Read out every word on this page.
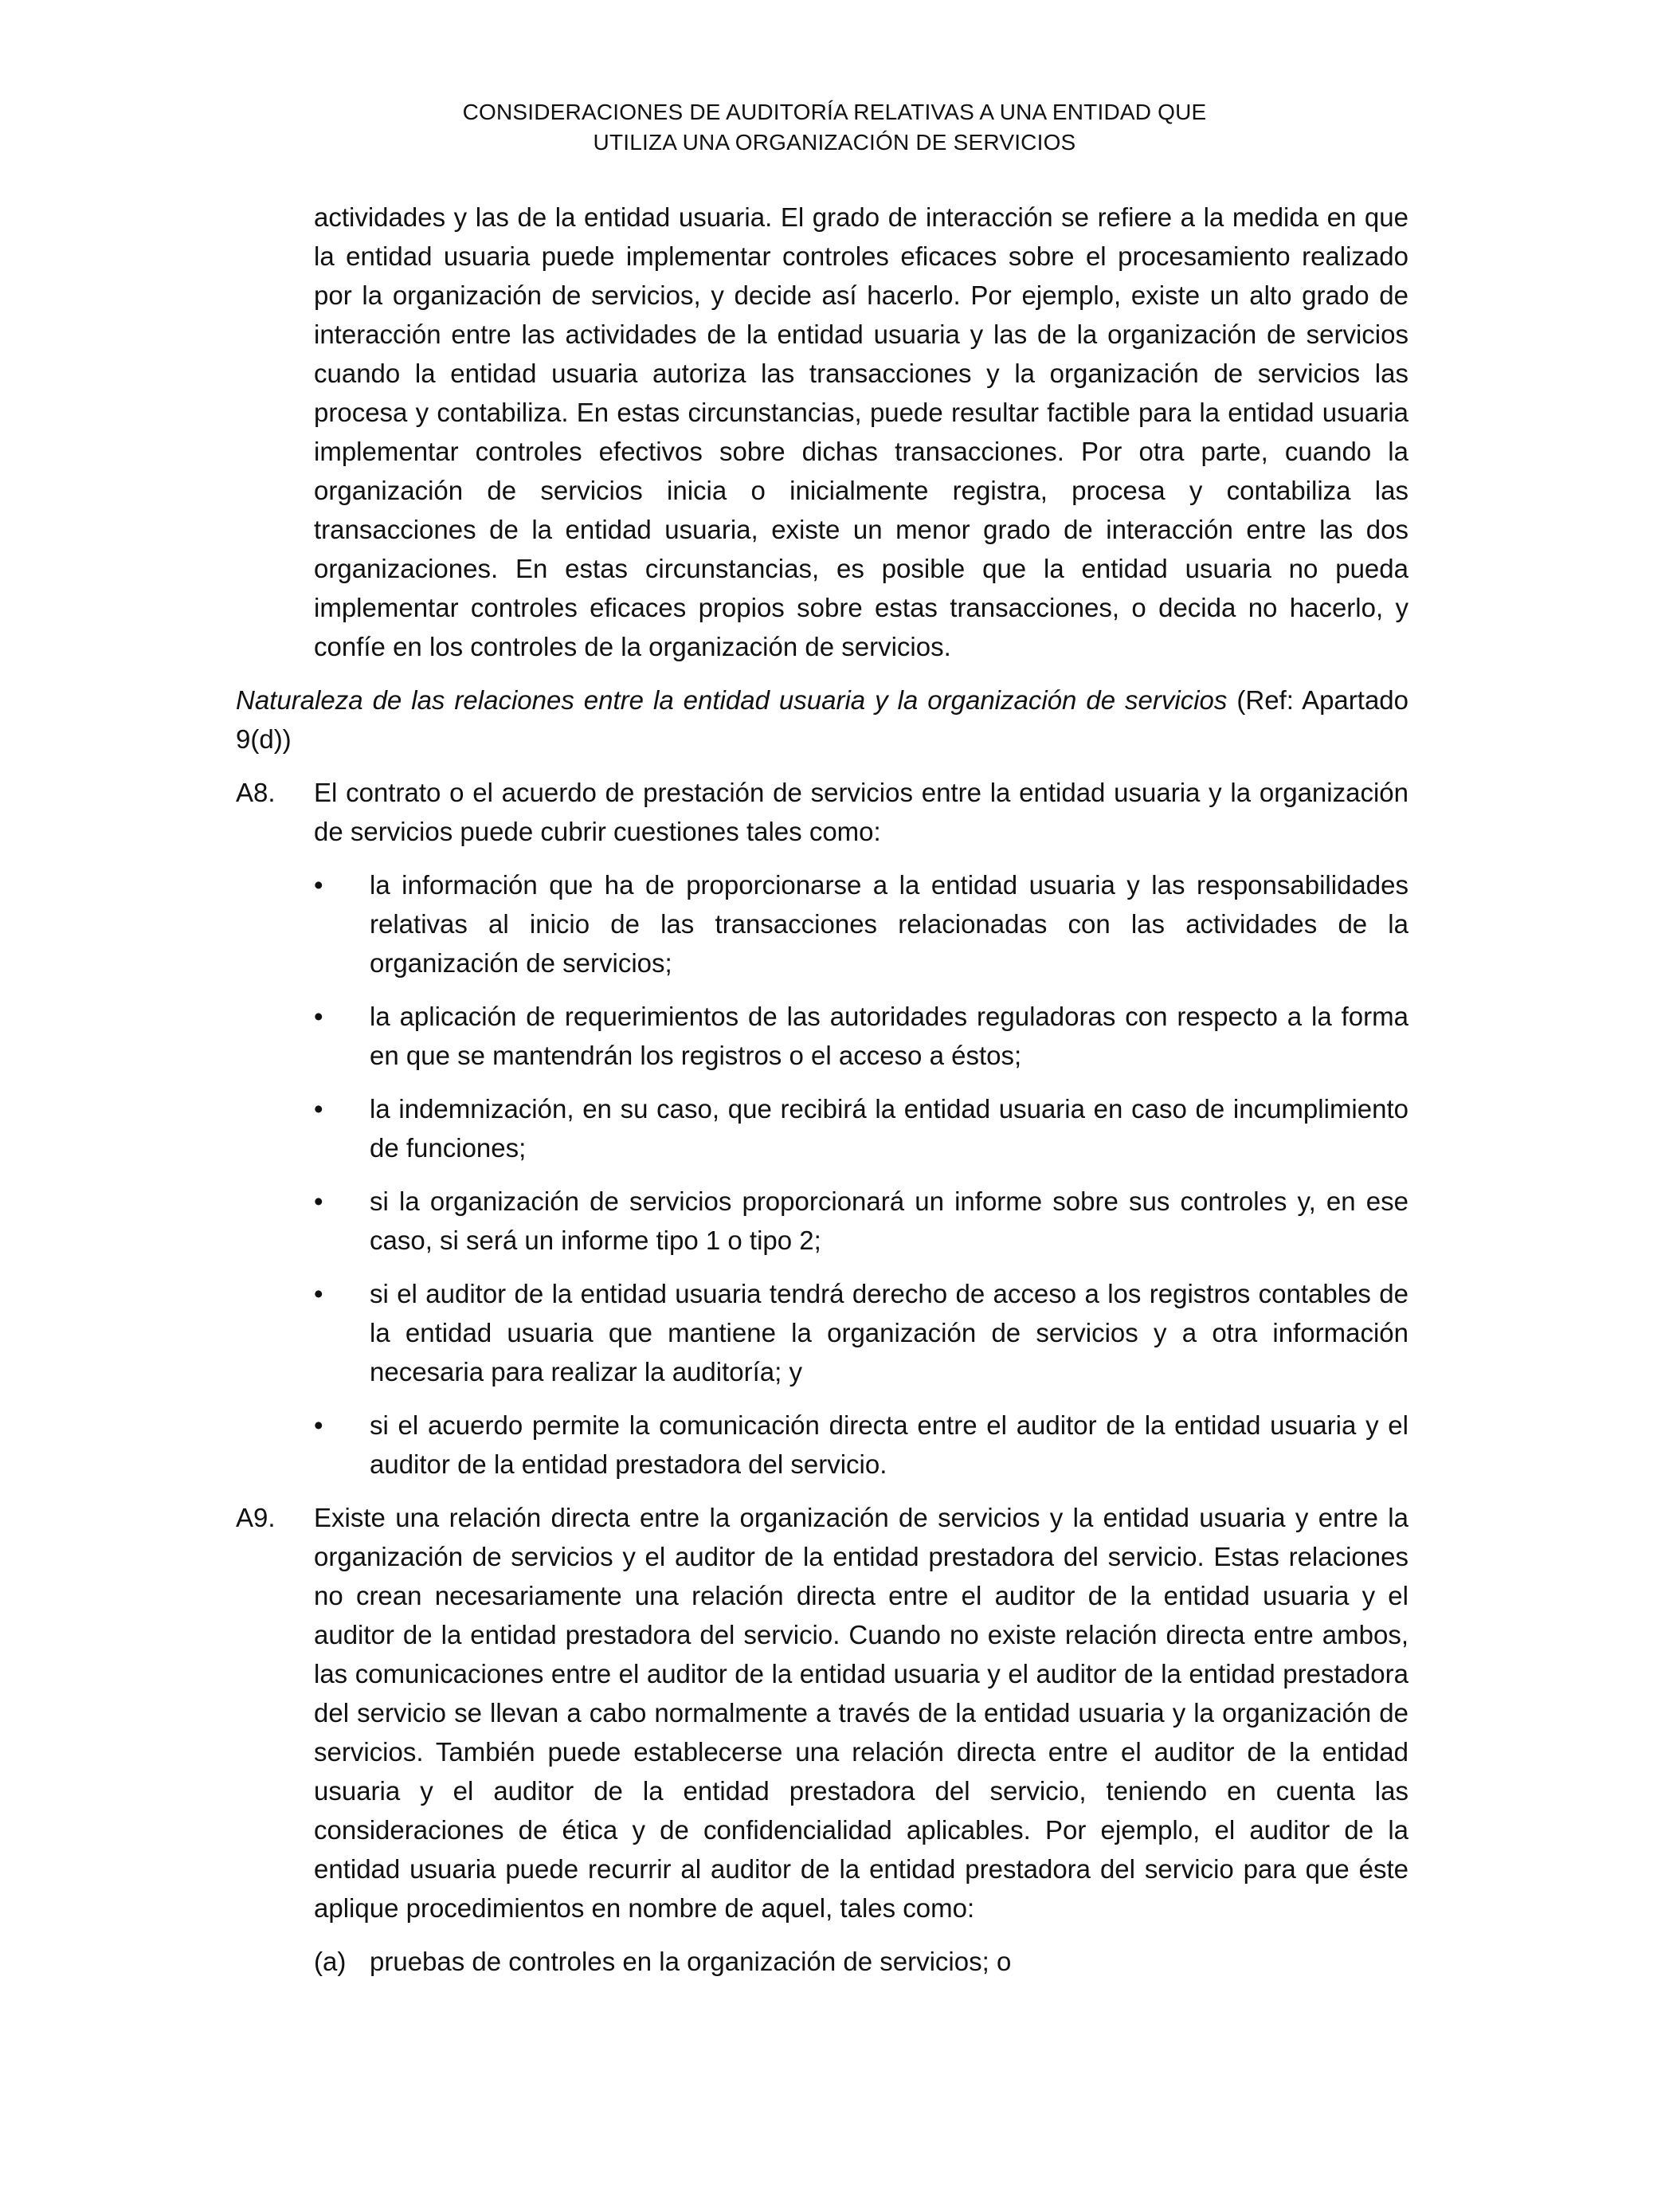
CONSIDERACIONES DE AUDITORÍA RELATIVAS A UNA ENTIDAD QUE
UTILIZA UNA ORGANIZACIÓN DE SERVICIOS

actividades y las de la entidad usuaria. El grado de interacción se refiere a la medida en que la entidad usuaria puede implementar controles eficaces sobre el procesamiento realizado por la organización de servicios, y decide así hacerlo. Por ejemplo, existe un alto grado de interacción entre las actividades de la entidad usuaria y las de la organización de servicios cuando la entidad usuaria autoriza las transacciones y la organización de servicios las procesa y contabiliza. En estas circunstancias, puede resultar factible para la entidad usuaria implementar controles efectivos sobre dichas transacciones. Por otra parte, cuando la organización de servicios inicia o inicialmente registra, procesa y contabiliza las transacciones de la entidad usuaria, existe un menor grado de interacción entre las dos organizaciones. En estas circunstancias, es posible que la entidad usuaria no pueda implementar controles eficaces propios sobre estas transacciones, o decida no hacerlo, y confíe en los controles de la organización de servicios.

Naturaleza de las relaciones entre la entidad usuaria y la organización de servicios (Ref: Apartado 9(d))

A8.	El contrato o el acuerdo de prestación de servicios entre la entidad usuaria y la organización de servicios puede cubrir cuestiones tales como:
•	la información que ha de proporcionarse a la entidad usuaria y las responsabilidades relativas al inicio de las transacciones relacionadas con las actividades de la organización de servicios;
•	la aplicación de requerimientos de las autoridades reguladoras con respecto a la forma en que se mantendrán los registros o el acceso a éstos;
•	la indemnización, en su caso, que recibirá la entidad usuaria en caso de incumplimiento de funciones;
•	si la organización de servicios proporcionará un informe sobre sus controles y, en ese caso, si será un informe tipo 1 o tipo 2;
•	si el auditor de la entidad usuaria tendrá derecho de acceso a los registros contables de la entidad usuaria que mantiene la organización de servicios y a otra información necesaria para realizar la auditoría; y
•	si el acuerdo permite la comunicación directa entre el auditor de la entidad usuaria y el auditor de la entidad prestadora del servicio.
A9.	Existe una relación directa entre la organización de servicios y la entidad usuaria y entre la organización de servicios y el auditor de la entidad prestadora del servicio. Estas relaciones no crean necesariamente una relación directa entre el auditor de la entidad usuaria y el auditor de la entidad prestadora del servicio. Cuando no existe relación directa entre ambos, las comunicaciones entre el auditor de la entidad usuaria y el auditor de la entidad prestadora del servicio se llevan a cabo normalmente a través de la entidad usuaria y la organización de servicios. También puede establecerse una relación directa entre el auditor de la entidad usuaria y el auditor de la entidad prestadora del servicio, teniendo en cuenta las consideraciones de ética y de confidencialidad aplicables. Por ejemplo, el auditor de la entidad usuaria puede recurrir al auditor de la entidad prestadora del servicio para que éste aplique procedimientos en nombre de aquel, tales como:
(a) pruebas de controles en la organización de servicios; o
